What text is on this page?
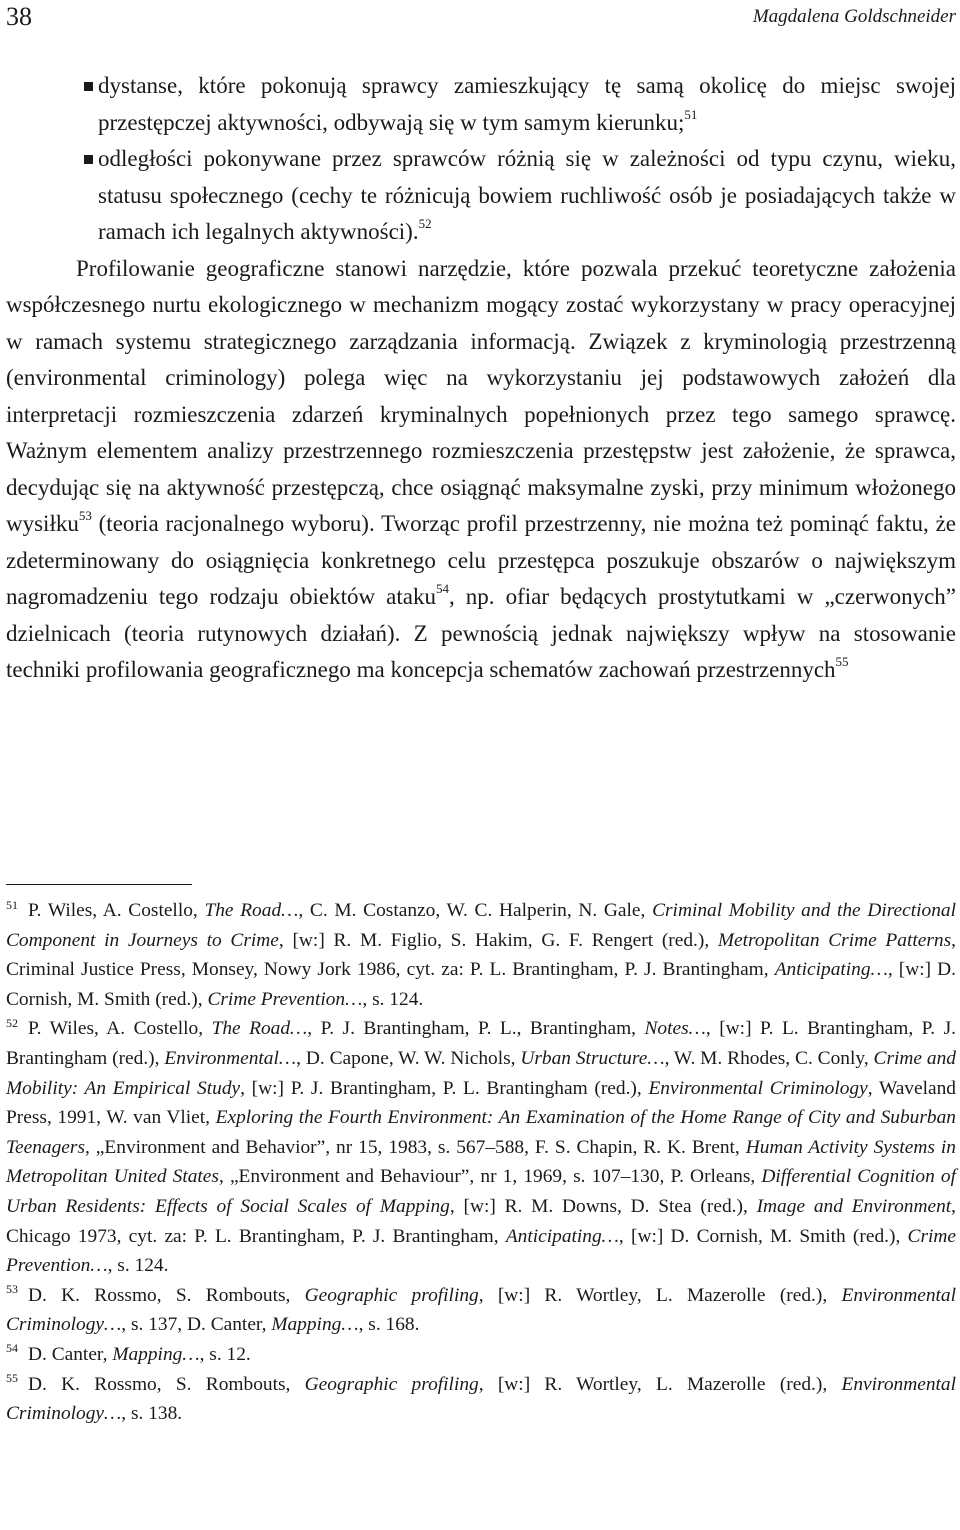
38	Magdalena Goldschneider
dystanse, które pokonują sprawcy zamieszkujący tę samą okolicę do miejsc swojej przestępczej aktywności, odbywają się w tym samym kierunku;$^{51}$
odległości pokonywane przez sprawców różnią się w zależności od typu czynu, wieku, statusu społecznego (cechy te różnicują bowiem ruchliwość osób je posiadających także w ramach ich legalnych aktywności).$^{52}$

Profilowanie geograficzne stanowi narzędzie, które pozwala przekuć teoretyczne założenia współczesnego nurtu ekologicznego w mechanizm mogący zostać wykorzystany w pracy operacyjnej w ramach systemu strategicznego zarządzania informacją. Związek z kryminologią przestrzenną (environmental criminology) polega więc na wykorzystaniu jej podstawowych założeń dla interpretacji rozmieszczenia zdarzeń kryminalnych popełnionych przez tego samego sprawcę. Ważnym elementem analizy przestrzennego rozmieszczenia przestępstw jest założenie, że sprawca, decydując się na aktywność przestępczą, chce osiągnąć maksymalne zyski, przy minimum włożonego wysiłku$^{53}$ (teoria racjonalnego wyboru). Tworząc profil przestrzenny, nie można też pominąć faktu, że zdeterminowany do osiągnięcia konkretnego celu przestępca poszukuje obszarów o największym nagromadzeniu tego rodzaju obiektów ataku$^{54}$, np. ofiar będących prostytutkami w „czerwonych” dzielnicach (teoria rutynowych działań). Z pewnością jednak największy wpływ na stosowanie techniki profilowania geograficznego ma koncepcja schematów zachowań przestrzennych$^{55}$

$^{51}$ P. Wiles, A. Costello, The Road…, C. M. Costanzo, W. C. Halperin, N. Gale, Criminal Mobility and the Directional Component in Journeys to Crime, [w:] R. M. Figlio, S. Hakim, G. F. Rengert (red.), Metropolitan Crime Patterns, Criminal Justice Press, Monsey, Nowy Jork 1986, cyt. za: P. L. Brantingham, P. J. Brantingham, Anticipating…, [w:] D. Cornish, M. Smith (red.), Crime Prevention…, s. 124.

$^{52}$ P. Wiles, A. Costello, The Road…, P. J. Brantingham, P. L., Brantingham, Notes…, [w:] P. L. Brantingham, P. J. Brantingham (red.), Environmental…, D. Capone, W. W. Nichols, Urban Structure…, W. M. Rhodes, C. Conly, Crime and Mobility: An Empirical Study, [w:] P. J. Brantingham, P. L. Brantingham (red.), Environmental Criminology, Waveland Press, 1991, W. van Vliet, Exploring the Fourth Environment: An Examination of the Home Range of City and Suburban Teenagers, „Environment and Behavior”, nr 15, 1983, s. 567–588, F. S. Chapin, R. K. Brent, Human Activity Systems in Metropolitan United States, „Environment and Behaviour”, nr 1, 1969, s. 107–130, P. Orleans, Differential Cognition of Urban Residents: Effects of Social Scales of Mapping, [w:] R. M. Downs, D. Stea (red.), Image and Environment, Chicago 1973, cyt. za: P. L. Brantingham, P. J. Brantingham, Anticipating…, [w:] D. Cornish, M. Smith (red.), Crime Prevention…, s. 124.

$^{53}$ D. K. Rossmo, S. Rombouts, Geographic profiling, [w:] R. Wortley, L. Mazerolle (red.), Environmental Criminology…, s. 137, D. Canter, Mapping…, s. 168.

$^{54}$ D. Canter, Mapping…, s. 12.

$^{55}$ D. K. Rossmo, S. Rombouts, Geographic profiling, [w:] R. Wortley, L. Mazerolle (red.), Environmental Criminology…, s. 138.
